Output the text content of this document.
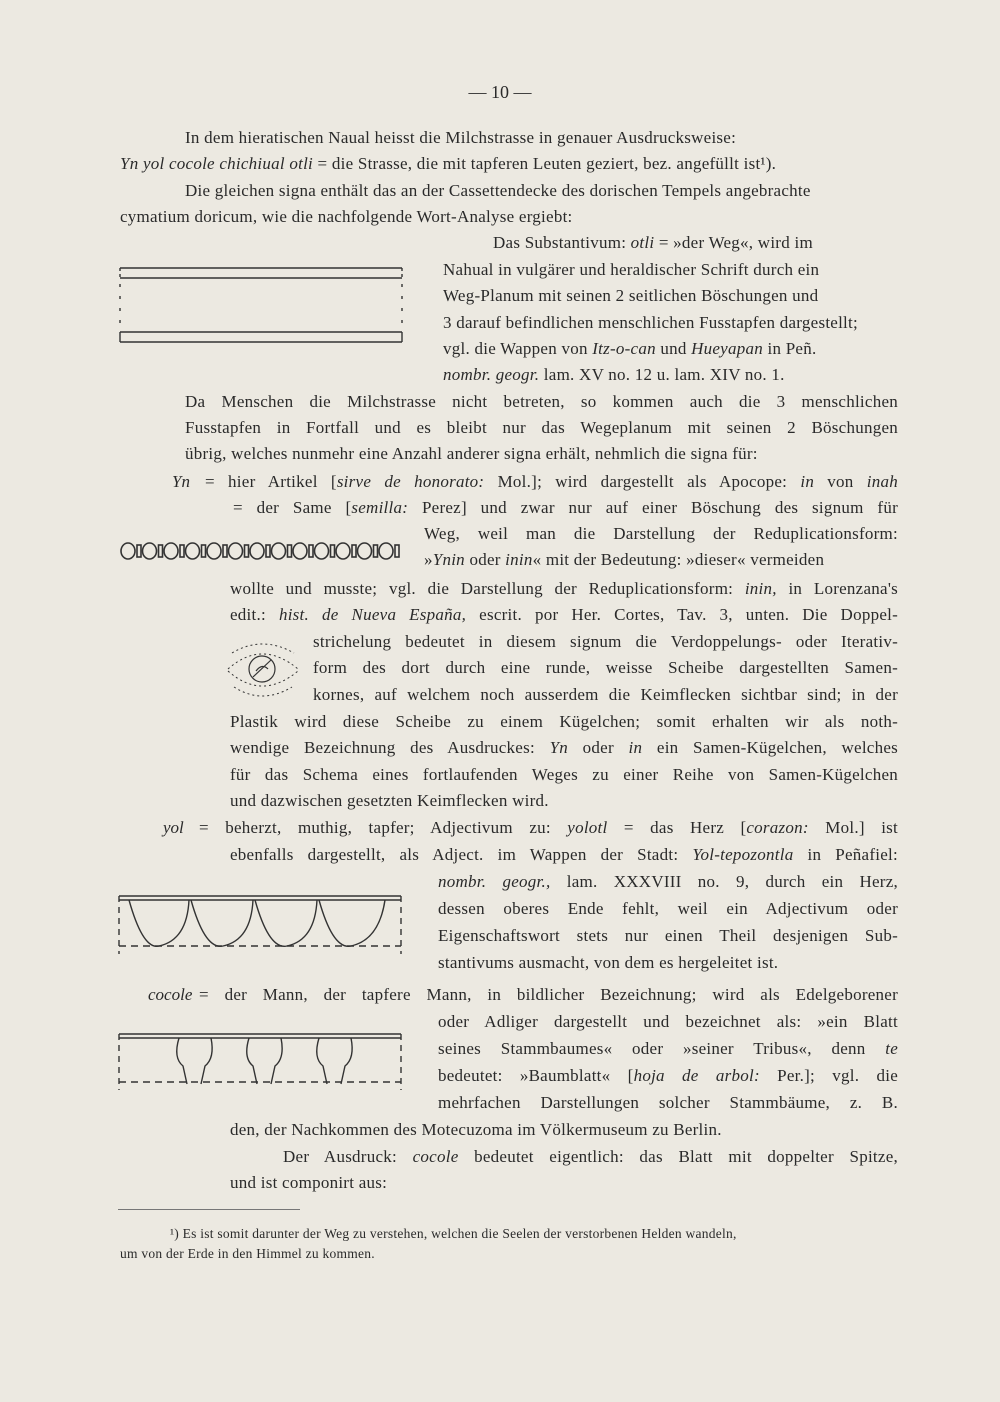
— 10 —
In dem hieratischen Naual heisst die Milchstrasse in genauer Ausdrucksweise:
Yn yol cocole chichiual otli = die Strasse, die mit tapferen Leuten geziert, bez. angefüllt ist¹).
Die gleichen signa enthält das an der Cassettendecke des dorischen Tempels angebrachte
cymatium doricum, wie die nachfolgende Wort-Analyse ergiebt:
Das Substantivum: otli = »der Weg«, wird im
Nahual in vulgärer und heraldischer Schrift durch ein
Weg-Planum mit seinen 2 seitlichen Böschungen und
3 darauf befindlichen menschlichen Fusstapfen dargestellt;
vgl. die Wappen von Itz-o-can und Hueyapan in Peñ.
nombr. geogr. lam. XV no. 12 u. lam. XIV no. 1.
Da Menschen die Milchstrasse nicht betreten, so kommen auch die 3 menschlichen
Fusstapfen in Fortfall und es bleibt nur das Wegeplanum mit seinen 2 Böschungen
übrig, welches nunmehr eine Anzahl anderer signa erhält, nehmlich die signa für:
Yn = hier Artikel [sirve de honorato: Mol.]; wird dargestellt als Apocope: in von inah
= der Same [semilla: Perez] und zwar nur auf einer Böschung des signum für
Weg, weil man die Darstellung der Reduplicationsform:
»Ynin oder inin« mit der Bedeutung: »dieser« vermeiden
wollte und musste; vgl. die Darstellung der Reduplicationsform: inin, in Lorenzana's
edit.: hist. de Nueva España, escrit. por Her. Cortes, Tav. 3, unten. Die Doppel-
strichelung bedeutet in diesem signum die Verdoppelungs- oder Iterativ-
form des dort durch eine runde, weisse Scheibe dargestellten Samen-
kornes, auf welchem noch ausserdem die Keimflecken sichtbar sind; in der
Plastik wird diese Scheibe zu einem Kügelchen; somit erhalten wir als noth-
wendige Bezeichnung des Ausdruckes: Yn oder in ein Samen-Kügelchen, welches
für das Schema eines fortlaufenden Weges zu einer Reihe von Samen-Kügelchen
und dazwischen gesetzten Keimflecken wird.
yol = beherzt, muthig, tapfer; Adjectivum zu: yolotl = das Herz [corazon: Mol.] ist
ebenfalls dargestellt, als Adject. im Wappen der Stadt: Yol-tepozontla in Peñafiel:
nombr. geogr., lam. XXXVIII no. 9, durch ein Herz,
dessen oberes Ende fehlt, weil ein Adjectivum oder
Eigenschaftswort stets nur einen Theil desjenigen Sub-
stantivums ausmacht, von dem es hergeleitet ist.
cocole = der Mann, der tapfere Mann, in bildlicher Bezeichnung; wird als Edelgeborener
oder Adliger dargestellt und bezeichnet als: »ein Blatt
seines Stammbaumes« oder »seiner Tribus«, denn te
bedeutet: »Baumblatt« [hoja de arbol: Per.]; vgl. die
mehrfachen Darstellungen solcher Stammbäume, z. B.
den, der Nachkommen des Motecuzoma im Völkermuseum zu Berlin.
Der Ausdruck: cocole bedeutet eigentlich: das Blatt mit doppelter Spitze,
und ist componirt aus:
¹) Es ist somit darunter der Weg zu verstehen, welchen die Seelen der verstorbenen Helden wandeln,
um von der Erde in den Himmel zu kommen.
